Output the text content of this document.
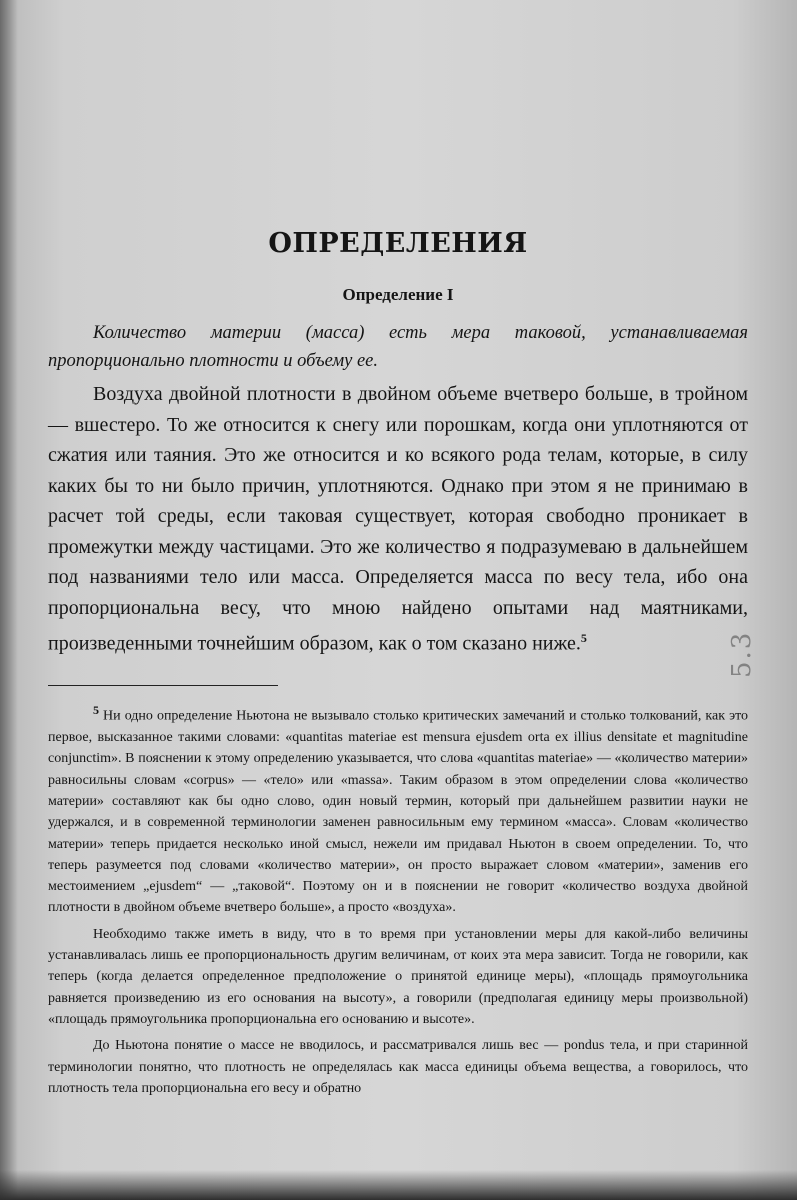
ОПРЕДЕЛЕНИЯ
Определение I

Количество материи (масса) есть мера таковой, устанавливаемая пропорционально плотности и объему ее.

Воздуха двойной плотности в двойном объеме вчетверо больше, в тройном — вшестеро. То же относится к снегу или порошкам, когда они уплотняются от сжатия или таяния. Это же относится и ко всякого рода телам, которые, в силу каких бы то ни было причин, уплотняются. Однако при этом я не принимаю в расчет той среды, если таковая существует, которая свободно проникает в промежутки между частицами. Это же количество я подразумеваю в дальнейшем под названиями тело или масса. Определяется масса по весу тела, ибо она пропорциональна весу, что мною найдено опытами над маятниками, произведенными точнейшим образом, как о том сказано ниже.$^5$

$^5$ Ни одно определение Ньютона не вызывало столько критических замечаний и столько толкований, как это первое, высказанное такими словами: «quantitas materiae est mensura ejusdem orta ex illius densitate et magnitudine conjunctim». В пояснении к этому определению указывается, что слова «quantitas materiae» — «количество материи» равносильны словам «corpus» — «тело» или «massa». Таким образом в этом определении слова «количество материи» составляют как бы одно слово, один новый термин, который при дальнейшем развитии науки не удержался, и в современной терминологии заменен равносильным ему термином «масса». Словам «количество материи» теперь придается несколько иной смысл, нежели им придавал Ньютон в своем определении. То, что теперь разумеется под словами «количество материи», он просто выражает словом «материи», заменив его местоимением „ejusdem“ — „таковой“. Поэтому он и в пояснении не говорит «количество воздуха двойной плотности в двойном объеме вчетверо больше», а просто «воздуха».

Необходимо также иметь в виду, что в то время при установлении меры для какой-либо величины устанавливалась лишь ее пропорциональность другим величинам, от коих эта мера зависит. Тогда не говорили, как теперь (когда делается определенное предположение о принятой единице меры), «площадь прямоугольника равняется произведению из его основания на высоту», а говорили (предполагая единицу меры произвольной) «площадь прямоугольника пропорциональна его основанию и высоте».

До Ньютона понятие о массе не вводилось, и рассматривался лишь вес — pondus тела, и при старинной терминологии понятно, что плотность не определялась как масса единицы объема вещества, а говорилось, что плотность тела пропорциональна его весу и обратно

5.3
